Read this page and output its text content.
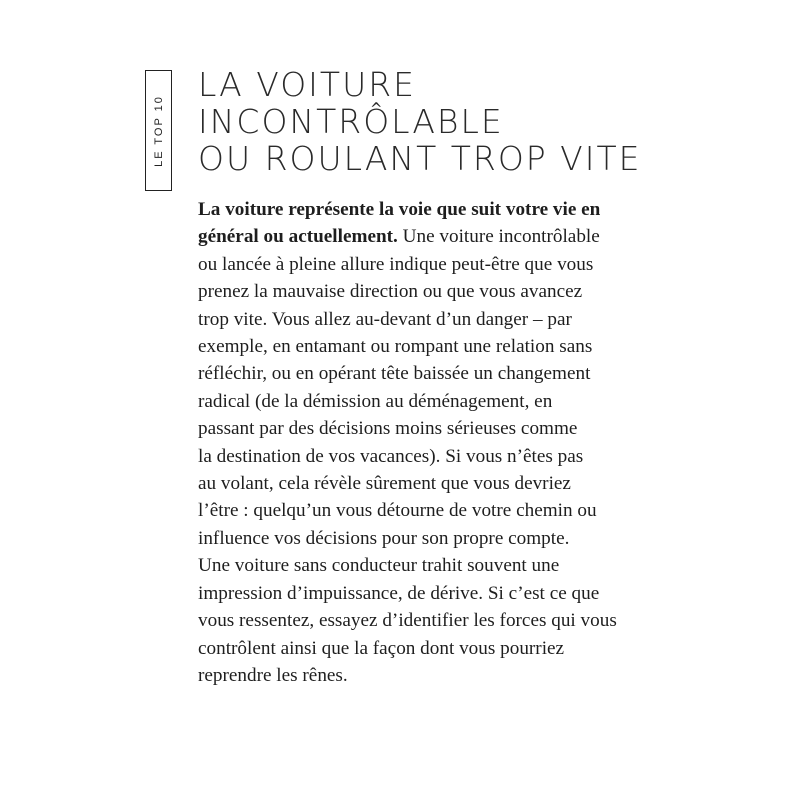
LE TOP 10
LA VOITURE
INCONTRÔLABLE
OU ROULANT TROP VITE
La voiture représente la voie que suit votre vie en
général ou actuellement. Une voiture incontrôlable
ou lancée à pleine allure indique peut-être que vous
prenez la mauvaise direction ou que vous avancez
trop vite. Vous allez au-devant d’un danger – par
exemple, en entamant ou rompant une relation sans
réfléchir, ou en opérant tête baissée un changement
radical (de la démission au déménagement, en
passant par des décisions moins sérieuses comme
la destination de vos vacances). Si vous n’êtes pas
au volant, cela révèle sûrement que vous devriez
l’être : quelqu’un vous détourne de votre chemin ou
influence vos décisions pour son propre compte.
Une voiture sans conducteur trahit souvent une
impression d’impuissance, de dérive. Si c’est ce que
vous ressentez, essayez d’identifier les forces qui vous
contrôlent ainsi que la façon dont vous pourriez
reprendre les rênes.
